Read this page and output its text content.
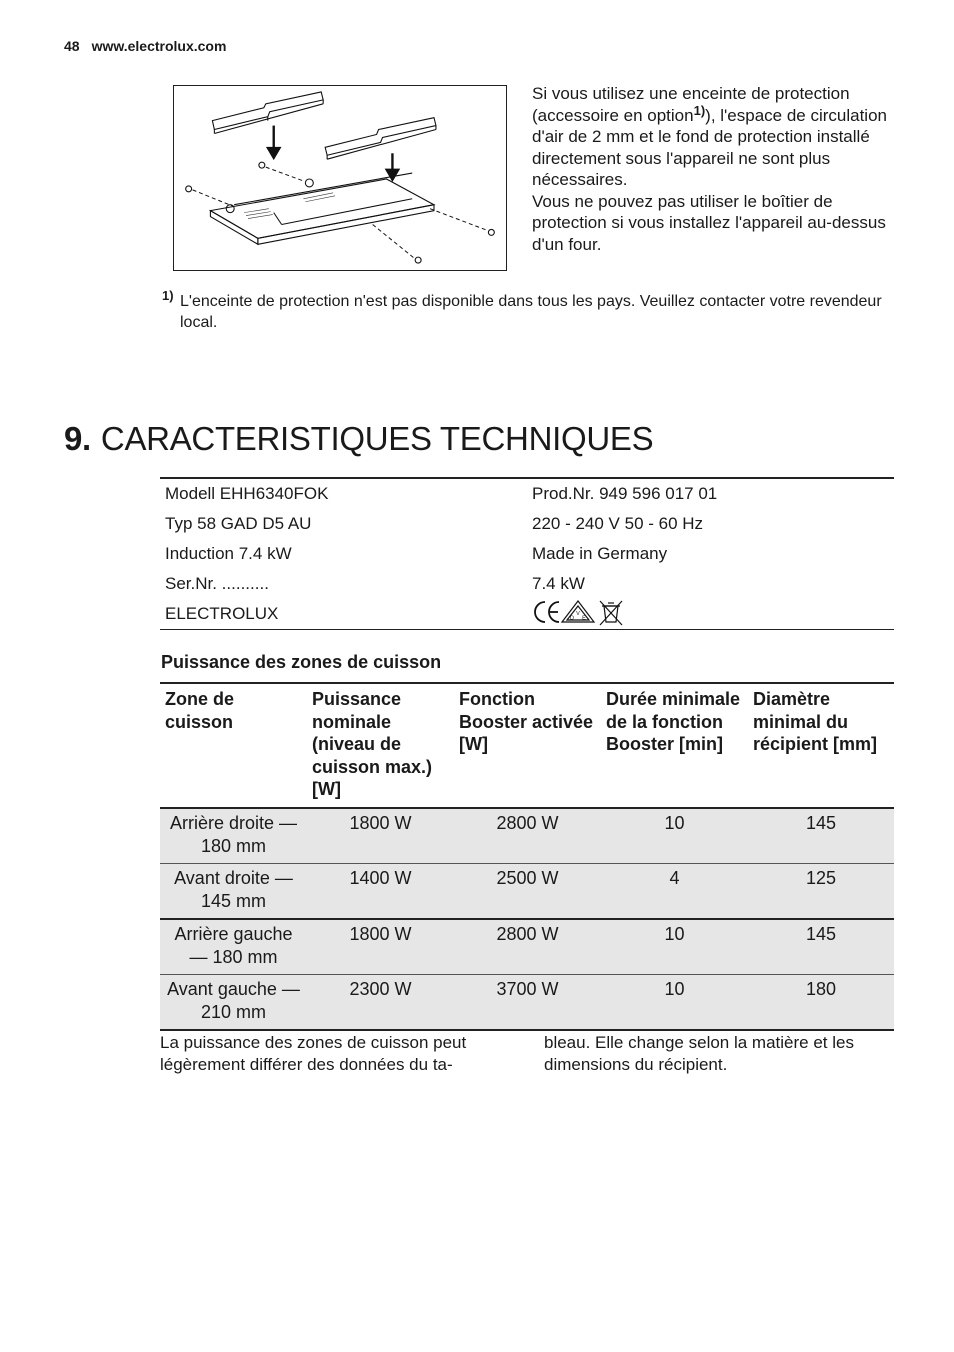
48 www.electrolux.com
Si vous utilisez une enceinte de protection (accessoire en option$^{1)}$), l'espace de circulation d'air de 2 mm et le fond de protection installé directement sous l'appareil ne sont plus nécessaires.
Vous ne pouvez pas utiliser le boîtier de protection si vous installez l'appareil au-dessus d'un four.
1) L'enceinte de protection n'est pas disponible dans tous les pays. Veuillez contacter votre revendeur local.
9. CARACTERISTIQUES TECHNIQUES
Modell EHH6340FOK	Prod.Nr. 949 596 017 01
Typ 58 GAD D5 AU	220 - 240 V 50 - 60 Hz
Induction 7.4 kW	Made in Germany
Ser.Nr. ..........	7.4 kW
ELECTROLUX	V
D E
Puissance des zones de cuisson
Zone de cuisson	Puissance nominale (niveau de cuisson max.) [W]	Fonction Booster activée [W]	Durée minimale de la fonction Booster [min]	Diamètre minimal du récipient [mm]
Arrière droite — 180 mm	1800 W	2800 W	10	145
Avant droite — 145 mm	1400 W	2500 W	4	125
Arrière gauche — 180 mm	1800 W	2800 W	10	145
Avant gauche — 210 mm	2300 W	3700 W	10	180
La puissance des zones de cuisson peut légèrement différer des données du ta-
bleau. Elle change selon la matière et les dimensions du récipient.
